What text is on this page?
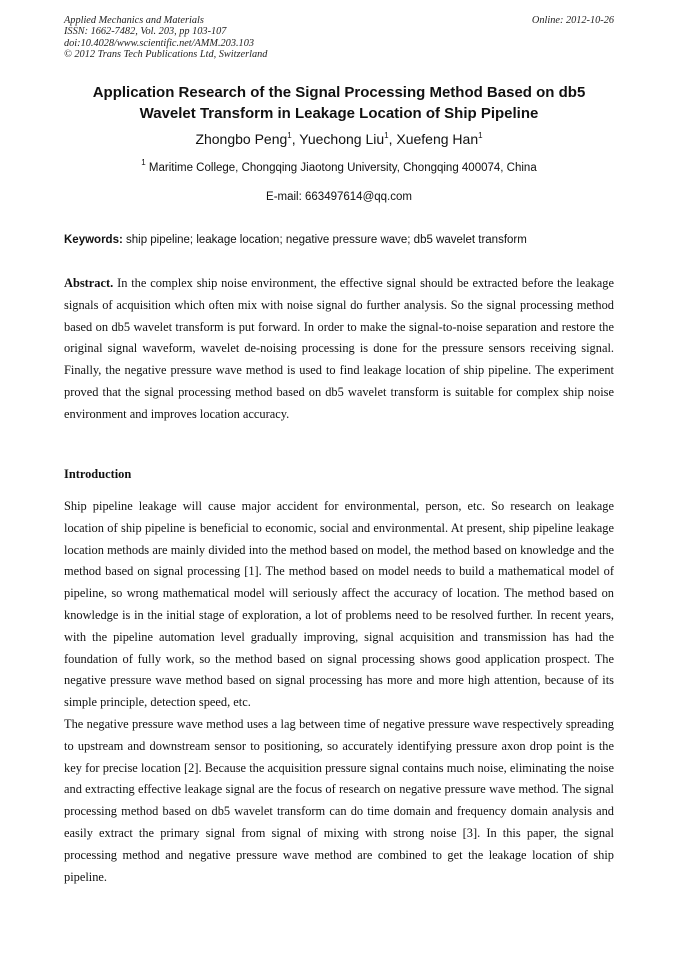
Applied Mechanics and Materials
ISSN: 1662-7482, Vol. 203, pp 103-107
doi:10.4028/www.scientific.net/AMM.203.103
© 2012 Trans Tech Publications Ltd, Switzerland
Online: 2012-10-26
Application Research of the Signal Processing Method Based on db5
Wavelet Transform in Leakage Location of Ship Pipeline
Zhongbo Peng$^1$, Yuechong Liu$^1$, Xuefeng Han$^1$
$^1$ Maritime College, Chongqing Jiaotong University, Chongqing 400074, China
E-mail: 663497614@qq.com
Keywords: ship pipeline; leakage location; negative pressure wave; db5 wavelet transform

Abstract. In the complex ship noise environment, the effective signal should be extracted before the leakage signals of acquisition which often mix with noise signal do further analysis. So the signal processing method based on db5 wavelet transform is put forward. In order to make the signal-to-noise separation and restore the original signal waveform, wavelet de-noising processing is done for the pressure sensors receiving signal. Finally, the negative pressure wave method is used to find leakage location of ship pipeline. The experiment proved that the signal processing method based on db5 wavelet transform is suitable for complex ship noise environment and improves location accuracy.

Introduction

Ship pipeline leakage will cause major accident for environmental, person, etc. So research on leakage location of ship pipeline is beneficial to economic, social and environmental. At present, ship pipeline leakage location methods are mainly divided into the method based on model, the method based on knowledge and the method based on signal processing [1]. The method based on model needs to build a mathematical model of pipeline, so wrong mathematical model will seriously affect the accuracy of location. The method based on knowledge is in the initial stage of exploration, a lot of problems need to be resolved further. In recent years, with the pipeline automation level gradually improving, signal acquisition and transmission has had the foundation of fully work, so the method based on signal processing shows good application prospect. The negative pressure wave method based on signal processing has more and more high attention, because of its simple principle, detection speed, etc.

The negative pressure wave method uses a lag between time of negative pressure wave respectively spreading to upstream and downstream sensor to positioning, so accurately identifying pressure axon drop point is the key for precise location [2]. Because the acquisition pressure signal contains much noise, eliminating the noise and extracting effective leakage signal are the focus of research on negative pressure wave method. The signal processing method based on db5 wavelet transform can do time domain and frequency domain analysis and easily extract the primary signal from signal of mixing with strong noise [3]. In this paper, the signal processing method and negative pressure wave method are combined to get the leakage location of ship pipeline.
